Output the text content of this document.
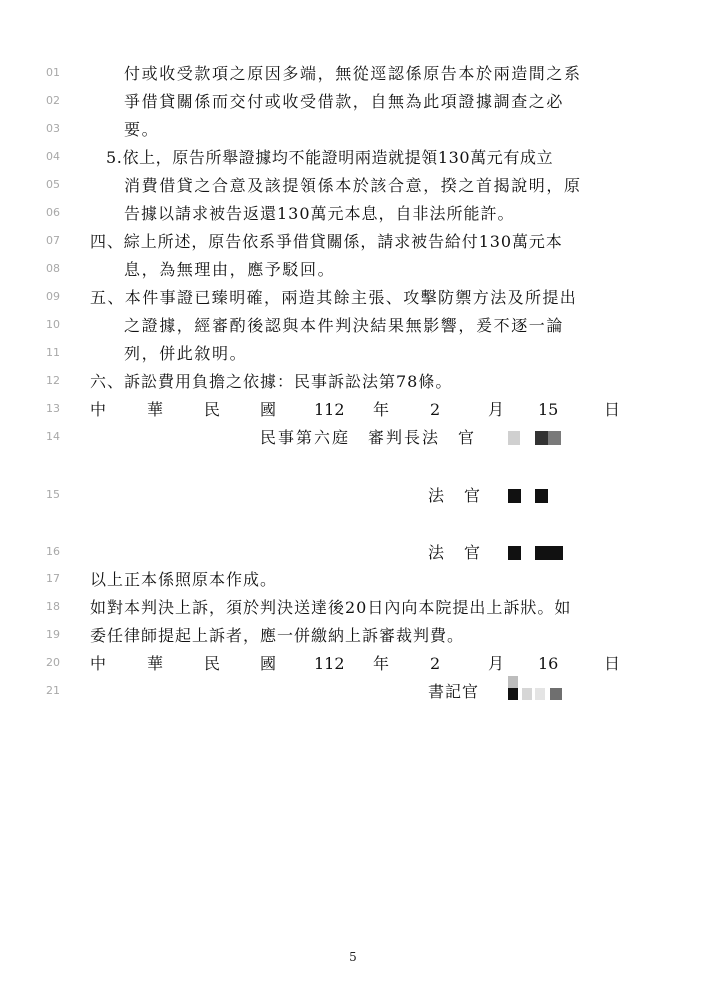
01	付或收受款項之原因多端，無從逕認係原告本於兩造間之系
02	爭借貸關係而交付或收受借款，自無為此項證據調查之必
03	要。
04	5.依上，原告所舉證據均不能證明兩造就提領130萬元有成立
05	消費借貸之合意及該提領係本於該合意，揆之首揭說明，原
06	告據以請求被告返還130萬元本息，自非法所能許。
07	四、綜上所述，原告依系爭借貸關係，請求被告給付130萬元本
08	息，為無理由，應予駁回。
09	五、本件事證已臻明確，兩造其餘主張、攻擊防禦方法及所提出
10	之證據，經審酌後認與本件判決結果無影響，爰不逐一論
11	列，併此敘明。
12	六、訴訟費用負擔之依據：民事訴訟法第78條。
13	中	華	民 國 112 年	2	月 15	日
14	民事第六庭　審判長法　官
15	法　官
16	法　官
17	以上正本係照原本作成。
18	如對本判決上訴，須於判決送達後20日內向本院提出上訴狀。如
19	委任律師提起上訴者，應一併繳納上訴審裁判費。
20	中	華	民 國 112 年	2	月 16	日
21	書記官
5
